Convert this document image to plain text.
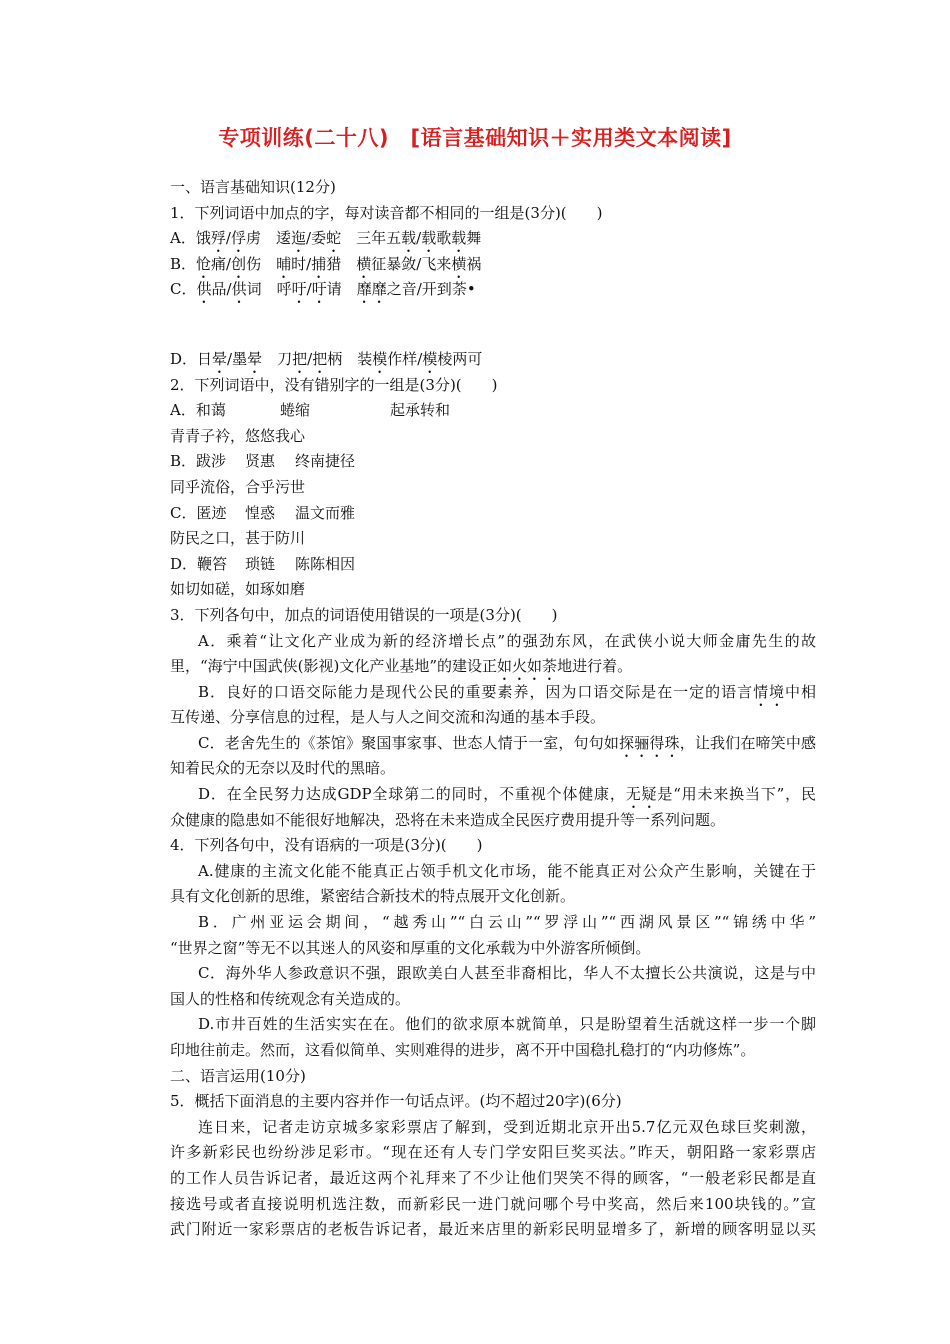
专项训练(二十八)　[语言基础知识＋实用类文本阅读]
一、语言基础知识(12分)
1．下列词语中加点的字，每对读音都不相同的一组是(3分)(　　)
A．饿殍/俘虏　逶迤/委蛇　三年五载/载歌载舞
B．怆痛/创伤　 晡时/捕猎　横征暴敛/飞来横祸
C．供品/供词　呼吁/吁请　 靡靡之音/开到荼•
D．日晕/墨晕　刀把/把柄　装模作样/模棱两可
2．下列词语中，没有错别字的一组是(3分)(　　)
A．和蔼	蜷缩	起承转和
青青子衿，悠悠我心
B．跋涉 贤惠 终南捷径
同乎流俗，合乎污世
C．匿迹 惶惑 温文而雅
防民之口，甚于防川
D．鞭笞 琐链 陈陈相因
如切如磋，如琢如磨
3．下列各句中，加点的词语使用错误的一项是(3分)(　　)
A．乘着“让文化产业成为新的经济增长点”的强劲东风，在武侠小说大师金庸先生的故
里，“海宁中国武侠(影视)文化产业基地”的建设正如火如荼地进行着。
B．良好的口语交际能力是现代公民的重要素养，因为口语交际是在一定的语言情境中相
互传递、分享信息的过程，是人与人之间交流和沟通的基本手段。
C．老舍先生的《茶馆》聚国事家事、世态人情于一室，句句如探骊得珠，让我们在啼笑中感
知着民众的无奈以及时代的黑暗。
D．在全民努力达成GDP全球第二的同时，不重视个体健康，无疑是“用未来换当下”，民
众健康的隐患如不能很好地解决，恐将在未来造成全民医疗费用提升等一系列问题。
4．下列各句中，没有语病的一项是(3分)(　　)
A.健康的主流文化能不能真正占领手机文化市场，能不能真正对公众产生影响，关键在于
具有文化创新的思维，紧密结合新技术的特点展开文化创新。
B．广州亚运会期间，“越秀山”“白云山”“罗浮山”“西湖风景区”“锦绣中华”
“世界之窗”等无不以其迷人的风姿和厚重的文化承载为中外游客所倾倒。
C．海外华人参政意识不强，跟欧美白人甚至非裔相比，华人不太擅长公共演说，这是与中
国人的性格和传统观念有关造成的。
D.市井百姓的生活实实在在。他们的欲求原本就简单，只是盼望着生活就这样一步一个脚
印地往前走。然而，这看似简单、实则难得的进步，离不开中国稳扎稳打的“内功修炼”。
二、语言运用(10分)
5．概括下面消息的主要内容并作一句话点评。(均不超过20字)(6分)
连日来，记者走访京城多家彩票店了解到，受到近期北京开出5.7亿元双色球巨奖刺激，
许多新彩民也纷纷涉足彩市。“现在还有人专门学安阳巨奖买法。”昨天，朝阳路一家彩票店
的工作人员告诉记者，最近这两个礼拜来了不少让他们哭笑不得的顾客，“一般老彩民都是直
接选号或者直接说明机选注数，而新彩民一进门就问哪个号中奖高，然后来100块钱的。”宣
武门附近一家彩票店的老板告诉记者，最近来店里的新彩民明显增多了，新增的顾客明显以买
